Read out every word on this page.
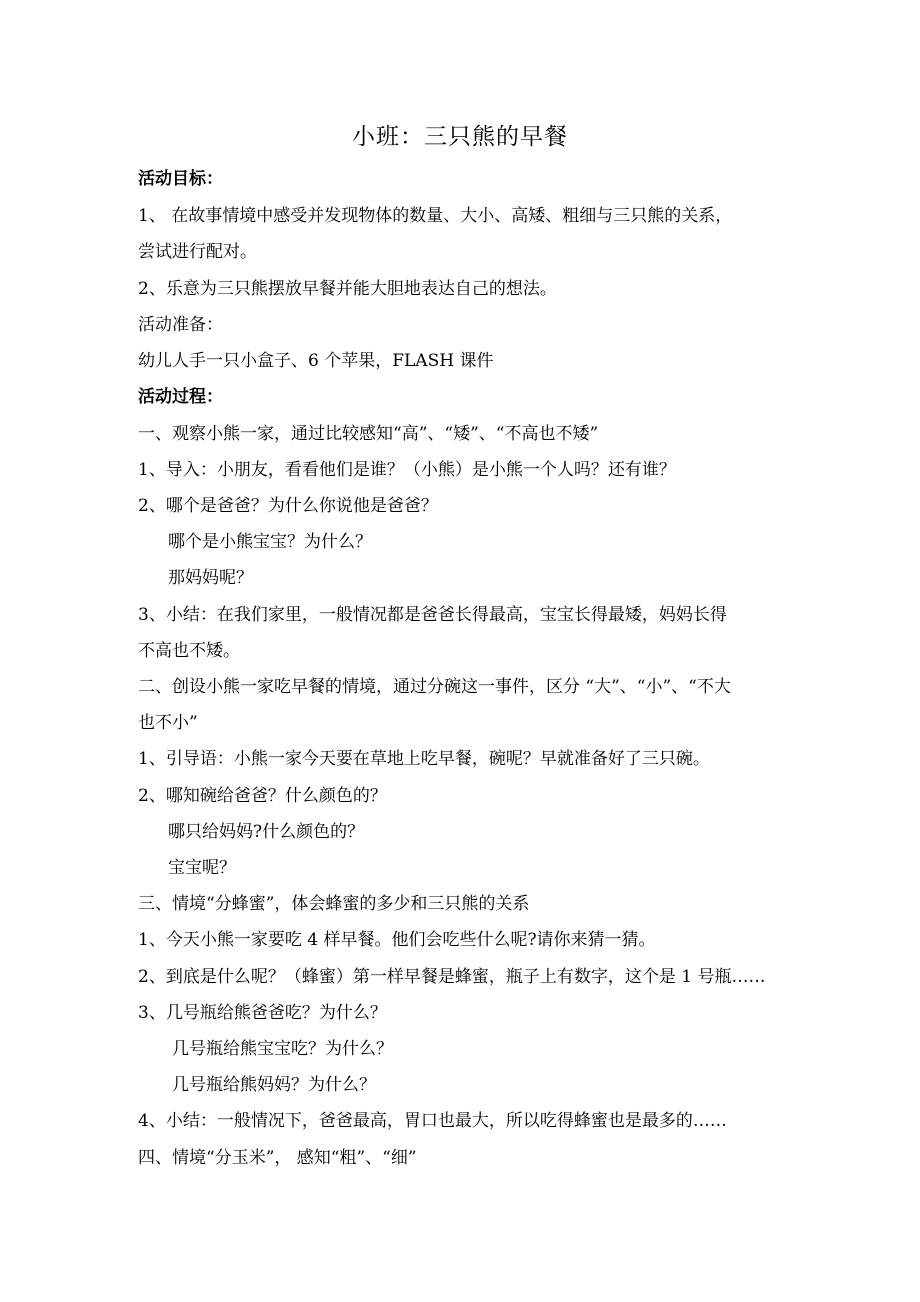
小班：三只熊的早餐
活动目标：
1、 在故事情境中感受并发现物体的数量、大小、高矮、粗细与三只熊的关系，
尝试进行配对。
2、乐意为三只熊摆放早餐并能大胆地表达自己的想法。
活动准备：
幼儿人手一只小盒子、6 个苹果，FLASH 课件
活动过程：
一、观察小熊一家，通过比较感知“高”、“矮”、“不高也不矮”
1、导入：小朋友，看看他们是谁？（小熊）是小熊一个人吗？还有谁？
2、哪个是爸爸？为什么你说他是爸爸？
哪个是小熊宝宝？为什么？
那妈妈呢？
3、小结：在我们家里，一般情况都是爸爸长得最高，宝宝长得最矮，妈妈长得
不高也不矮。
二、创设小熊一家吃早餐的情境，通过分碗这一事件，区分 “大”、“小”、“不大
也不小”
1、引导语：小熊一家今天要在草地上吃早餐，碗呢？早就准备好了三只碗。
2、哪知碗给爸爸？什么颜色的？
哪只给妈妈?什么颜色的？
宝宝呢？
三、情境“分蜂蜜”，体会蜂蜜的多少和三只熊的关系
1、今天小熊一家要吃 4 样早餐。他们会吃些什么呢?请你来猜一猜。
2、到底是什么呢？（蜂蜜）第一样早餐是蜂蜜，瓶子上有数字，这个是 1 号瓶……
3、几号瓶给熊爸爸吃？为什么？
几号瓶给熊宝宝吃？为什么？
几号瓶给熊妈妈？为什么？
4、小结：一般情况下，爸爸最高，胃口也最大，所以吃得蜂蜜也是最多的……
四、情境“分玉米”， 感知“粗”、“细”
